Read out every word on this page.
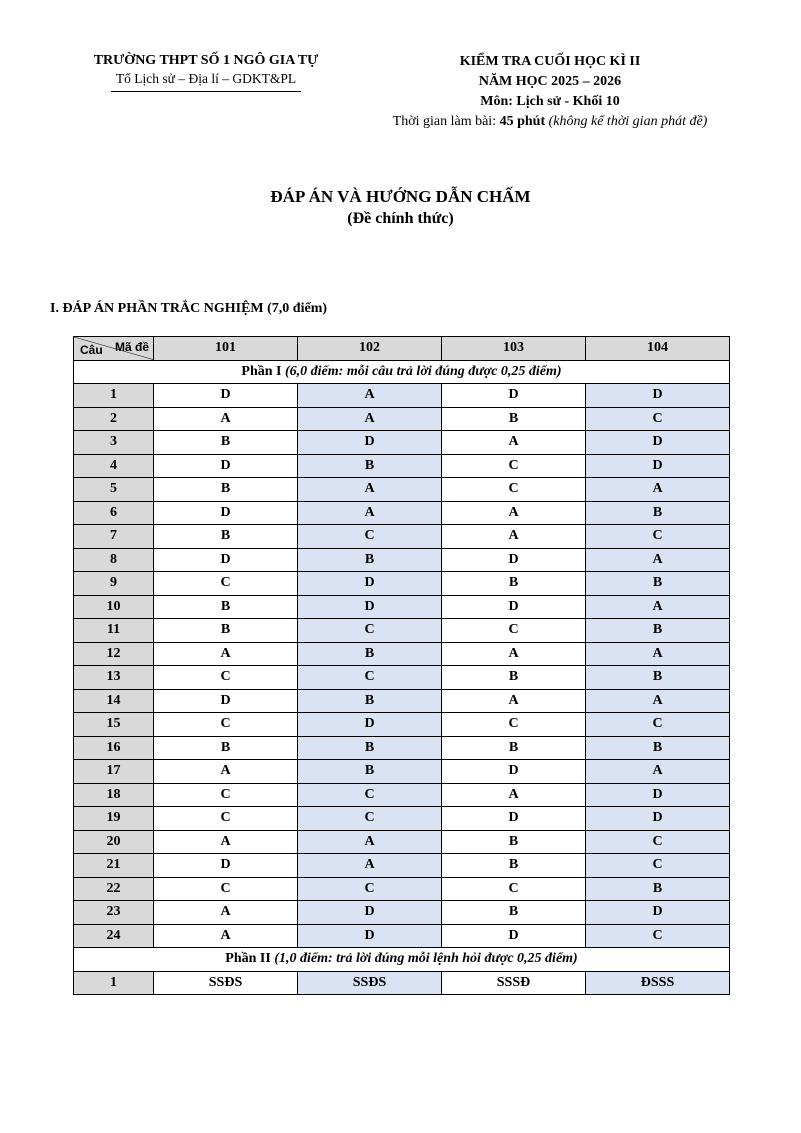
TRƯỜNG THPT SỐ 1 NGÔ GIA TỰ
Tổ Lịch sử – Địa lí – GDKT&PL
KIỂM TRA CUỐI HỌC KÌ II
NĂM HỌC 2025 – 2026
Môn: Lịch sử - Khối 10
Thời gian làm bài: 45 phút (không kể thời gian phát đề)
ĐÁP ÁN VÀ HƯỚNG DẪN CHẤM
(Đề chính thức)
I. ĐÁP ÁN PHẦN TRẮC NGHIỆM (7,0 điểm)
Mã đề
Câu	101	102	103	104
Phần I (6,0 điểm: mỗi câu trả lời đúng được 0,25 điểm)				
1	D	A	D	D
2	A	A	B	C
3	B	D	A	D
4	D	B	C	D
5	B	A	C	A
6	D	A	A	B
7	B	C	A	C
8	D	B	D	A
9	C	D	B	B
10	B	D	D	A
11	B	C	C	B
12	A	B	A	A
13	C	C	B	B
14	D	B	A	A
15	C	D	C	C
16	B	B	B	B
17	A	B	D	A
18	C	C	A	D
19	C	C	D	D
20	A	A	B	C
21	D	A	B	C
22	C	C	C	B
23	A	D	B	D
24	A	D	D	C
Phần II (1,0 điểm: trả lời đúng mỗi lệnh hỏi được 0,25 điểm)				
1	SSĐS	SSĐS	SSSĐ	ĐSSS
